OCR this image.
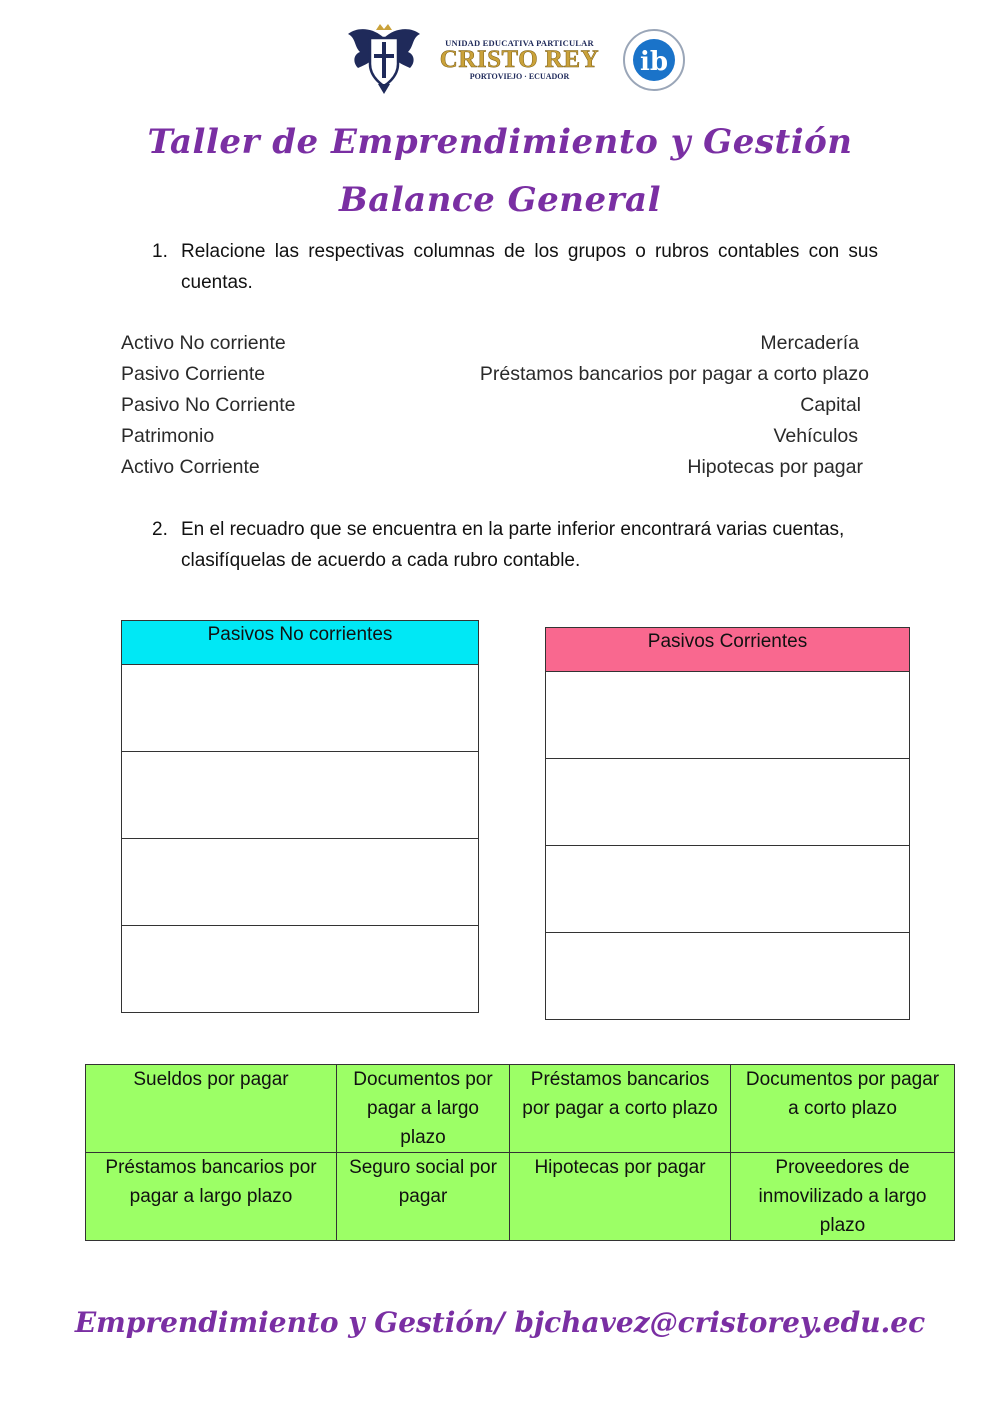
UNIDAD EDUCATIVA PARTICULAR
CRISTO REY
PORTOVIEJO · ECUADOR	ib
Taller de Emprendimiento y Gestión
Balance General
1. Relacione las respectivas columnas de los grupos o rubros contables con sus cuentas.
Activo No corriente	Mercadería
Pasivo Corriente	Préstamos bancarios por pagar a corto plazo
Pasivo No Corriente	Capital
Patrimonio	Vehículos
Activo Corriente	Hipotecas por pagar
2. En el recuadro que se encuentra en la parte inferior encontrará varias cuentas, clasifíquelas de acuerdo a cada rubro contable.
Pasivos No corrientes	Pasivos Corrientes

Sueldos por pagar	Documentos por pagar a largo plazo	Préstamos bancarios por pagar a corto plazo	Documentos por pagar a corto plazo
Préstamos bancarios por pagar a largo plazo	Seguro social por pagar	Hipotecas por pagar	Proveedores de inmovilizado a largo plazo
Emprendimiento y Gestión/ bjchavez@cristorey.edu.ec
